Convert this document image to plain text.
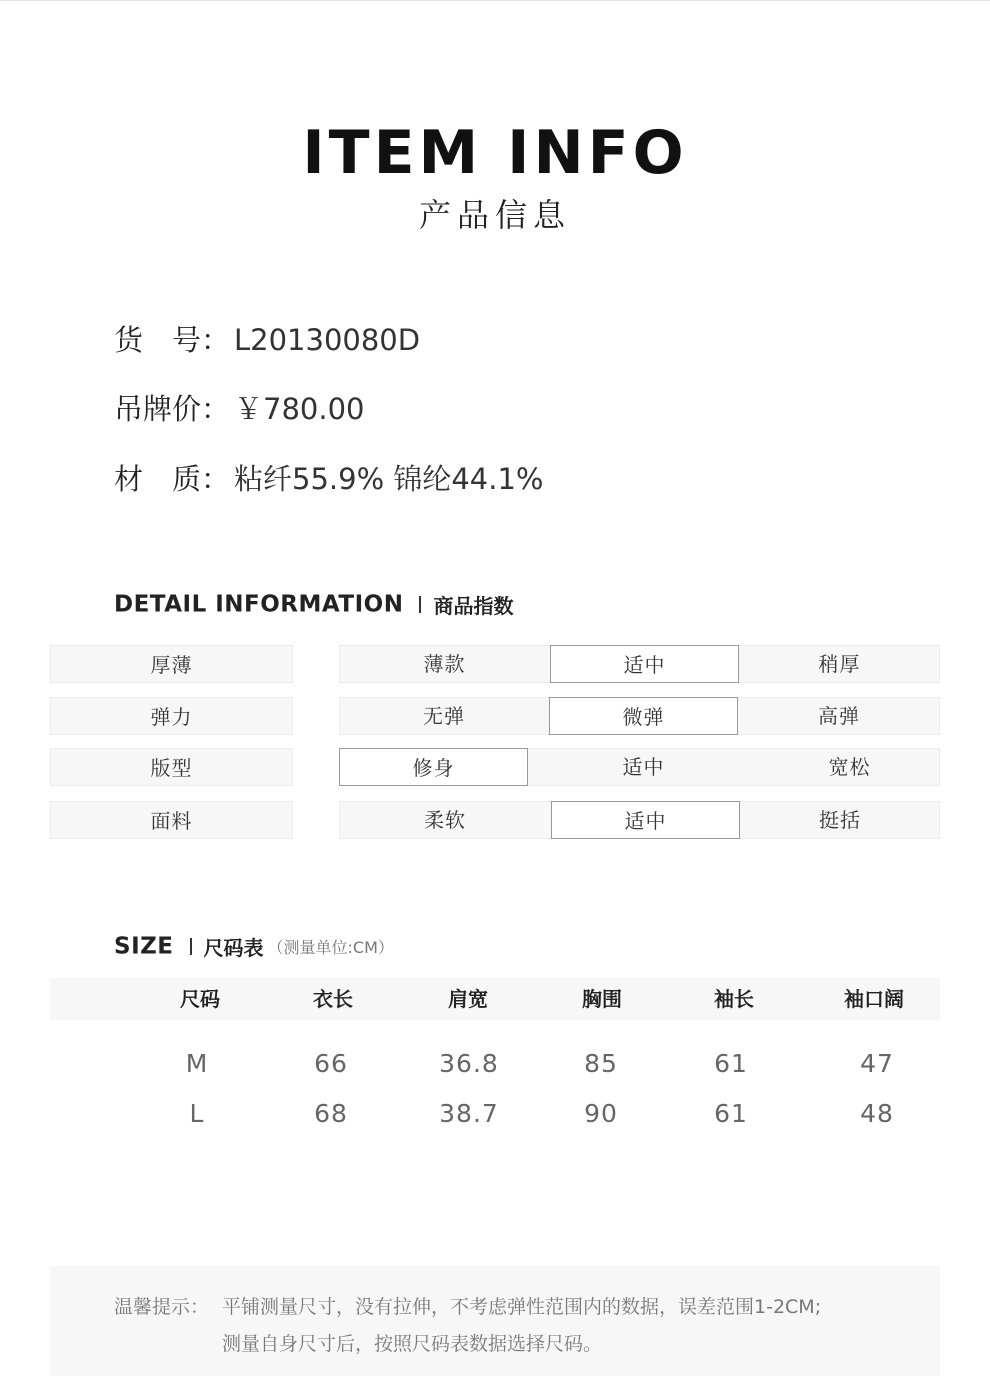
ITEM INFO
产品信息
货　号： L20130080D
吊牌价： ￥780.00
材　质： 粘纤55.9% 锦纶44.1%
DETAIL INFORMATION 商品指数
厚薄	薄款	适中	稍厚
弹力	无弹	微弹	高弹
版型	修身	适中	宽松
面料	柔软	适中	挺括
SIZE 尺码表 （测量单位:CM）
尺码	衣长	肩宽	胸围	袖长	袖口阔
M	66	36.8	85	61	47
L	68	38.7	90	61	48
温馨提示： 平铺测量尺寸，没有拉伸，不考虑弹性范围内的数据，误差范围1-2CM;
测量自身尺寸后，按照尺码表数据选择尺码。
